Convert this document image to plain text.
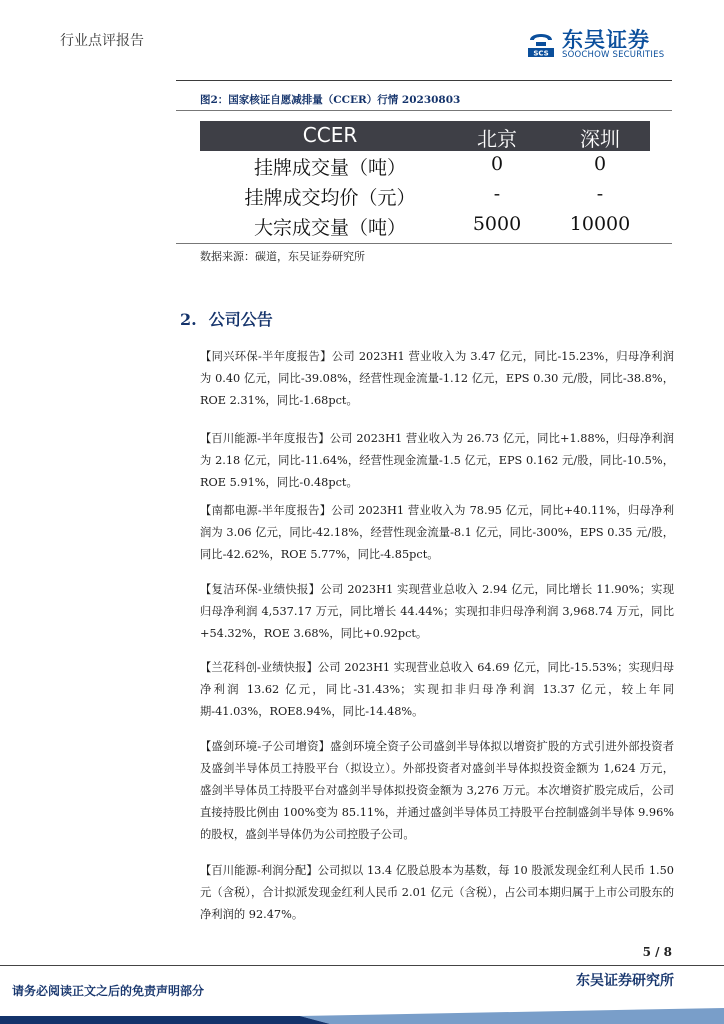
行业点评报告
SCS
东吴证券
SOOCHOW SECURITIES
图2：国家核证自愿减排量（CCER）行情 20230803
CCER	北京	深圳
挂牌成交量（吨）	0	0
挂牌成交均价（元）	-	-
大宗成交量（吨）	5000	10000
数据来源：碳道，东吴证券研究所
2. 公司公告
【同兴环保-半年度报告】公司 2023H1 营业收入为 3.47 亿元，同比-15.23%，归母净利润为 0.40 亿元，同比-39.08%，经营性现金流量-1.12 亿元，EPS 0.30 元/股，同比-38.8%，ROE 2.31%，同比-1.68pct。
【百川能源-半年度报告】公司 2023H1 营业收入为 26.73 亿元，同比+1.88%，归母净利润为 2.18 亿元，同比-11.64%，经营性现金流量-1.5 亿元，EPS 0.162 元/股，同比-10.5%，ROE 5.91%，同比-0.48pct。
【南都电源-半年度报告】公司 2023H1 营业收入为 78.95 亿元，同比+40.11%，归母净利润为 3.06 亿元，同比-42.18%，经营性现金流量-8.1 亿元，同比-300%，EPS 0.35 元/股，同比-42.62%，ROE 5.77%，同比-4.85pct。
【复洁环保-业绩快报】公司 2023H1 实现营业总收入 2.94 亿元，同比增长 11.90%；实现归母净利润 4,537.17 万元，同比增长 44.44%；实现扣非归母净利润 3,968.74 万元，同比+54.32%，ROE 3.68%，同比+0.92pct。
【兰花科创-业绩快报】公司 2023H1 实现营业总收入 64.69 亿元，同比-15.53%；实现归母净利润 13.62 亿元，同比-31.43%；实现扣非归母净利润 13.37 亿元，较上年同期-41.03%，ROE8.94%，同比-14.48%。
【盛剑环境-子公司增资】盛剑环境全资子公司盛剑半导体拟以增资扩股的方式引进外部投资者及盛剑半导体员工持股平台（拟设立）。外部投资者对盛剑半导体拟投资金额为 1,624 万元，盛剑半导体员工持股平台对盛剑半导体拟投资金额为 3,276 万元。本次增资扩股完成后，公司直接持股比例由 100%变为 85.11%，并通过盛剑半导体员工持股平台控制盛剑半导体 9.96%的股权，盛剑半导体仍为公司控股子公司。
【百川能源-利润分配】公司拟以 13.4 亿股总股本为基数，每 10 股派发现金红利人民币 1.50 元（含税），合计拟派发现金红利人民币 2.01 亿元（含税），占公司本期归属于上市公司股东的净利润的 92.47%。
5 / 8
请务必阅读正文之后的免责声明部分
东吴证券研究所
